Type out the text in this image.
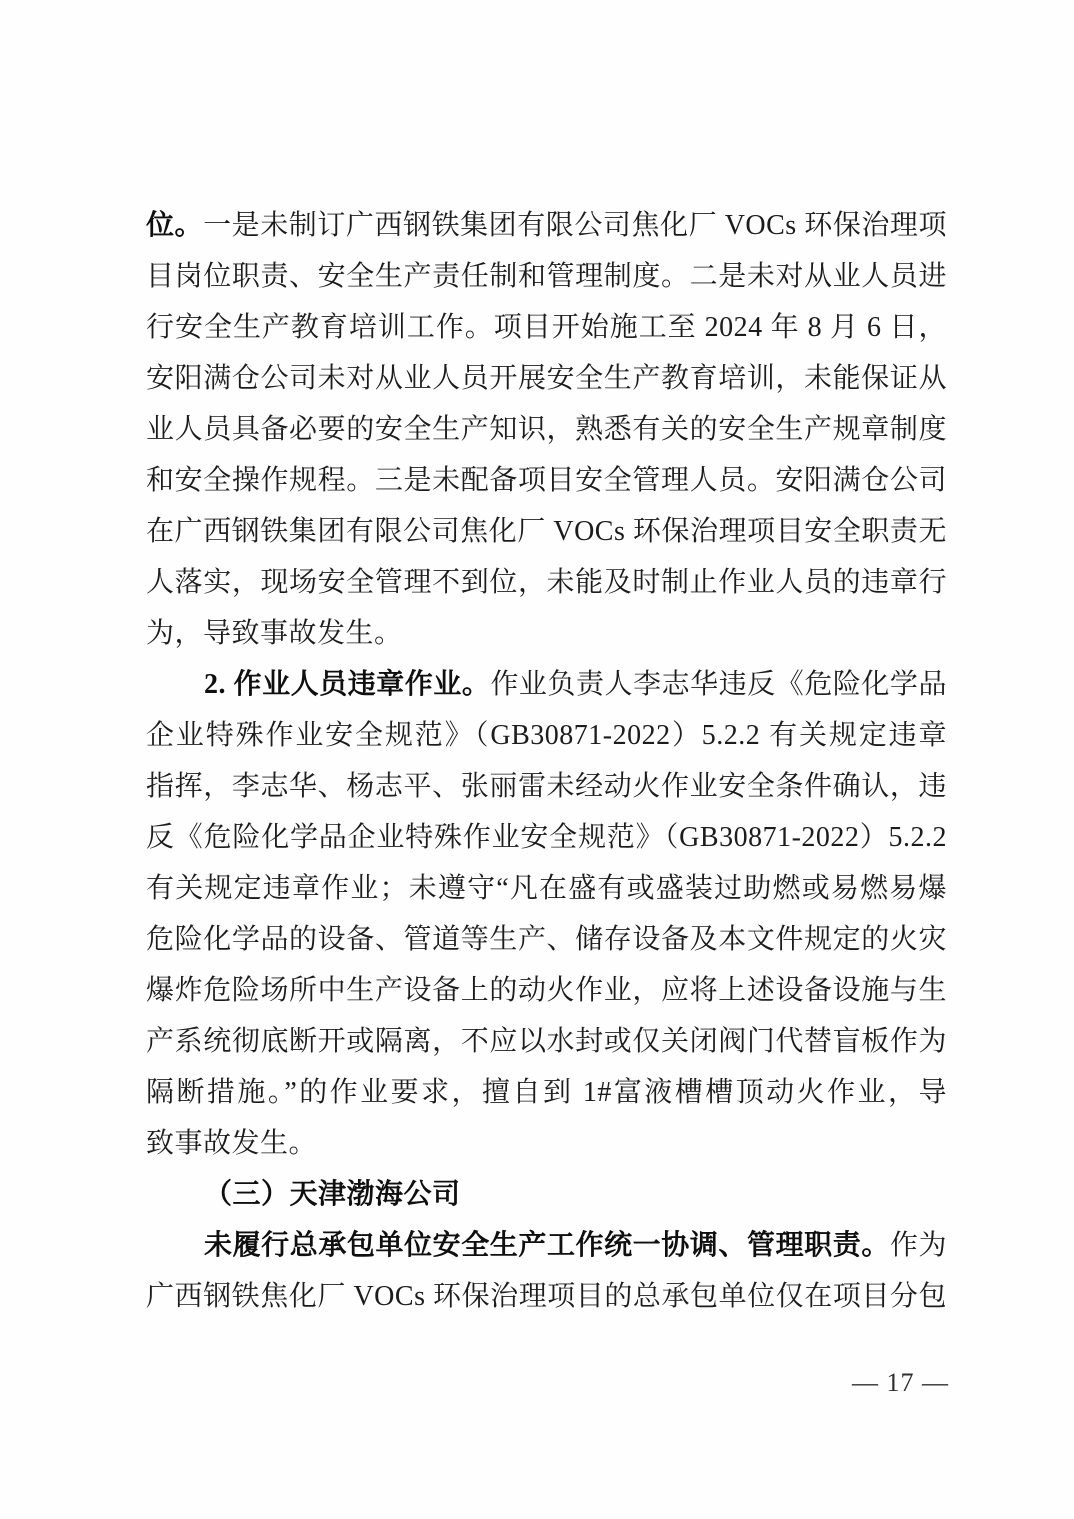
位。一是未制订广西钢铁集团有限公司焦化厂 VOCs 环保治理项
目岗位职责、安全生产责任制和管理制度。二是未对从业人员进
行安全生产教育培训工作。项目开始施工至 2024 年 8 月 6 日，
安阳满仓公司未对从业人员开展安全生产教育培训，未能保证从
业人员具备必要的安全生产知识，熟悉有关的安全生产规章制度
和安全操作规程。三是未配备项目安全管理人员。安阳满仓公司
在广西钢铁集团有限公司焦化厂 VOCs 环保治理项目安全职责无
人落实，现场安全管理不到位，未能及时制止作业人员的违章行
为，导致事故发生。
2. 作业人员违章作业。作业负责人李志华违反《危险化学品
企业特殊作业安全规范》（GB30871-2022）5.2.2 有关规定违章
指挥，李志华、杨志平、张丽雷未经动火作业安全条件确认，违
反《危险化学品企业特殊作业安全规范》（GB30871-2022）5.2.2
有关规定违章作业；未遵守“凡在盛有或盛装过助燃或易燃易爆
危险化学品的设备、管道等生产、储存设备及本文件规定的火灾
爆炸危险场所中生产设备上的动火作业，应将上述设备设施与生
产系统彻底断开或隔离，不应以水封或仅关闭阀门代替盲板作为
隔断措施。”的作业要求，擅自到 1#富液槽槽顶动火作业，导
致事故发生。
（三）天津渤海公司
未履行总承包单位安全生产工作统一协调、管理职责。作为
广西钢铁焦化厂 VOCs 环保治理项目的总承包单位仅在项目分包
— 17 —
